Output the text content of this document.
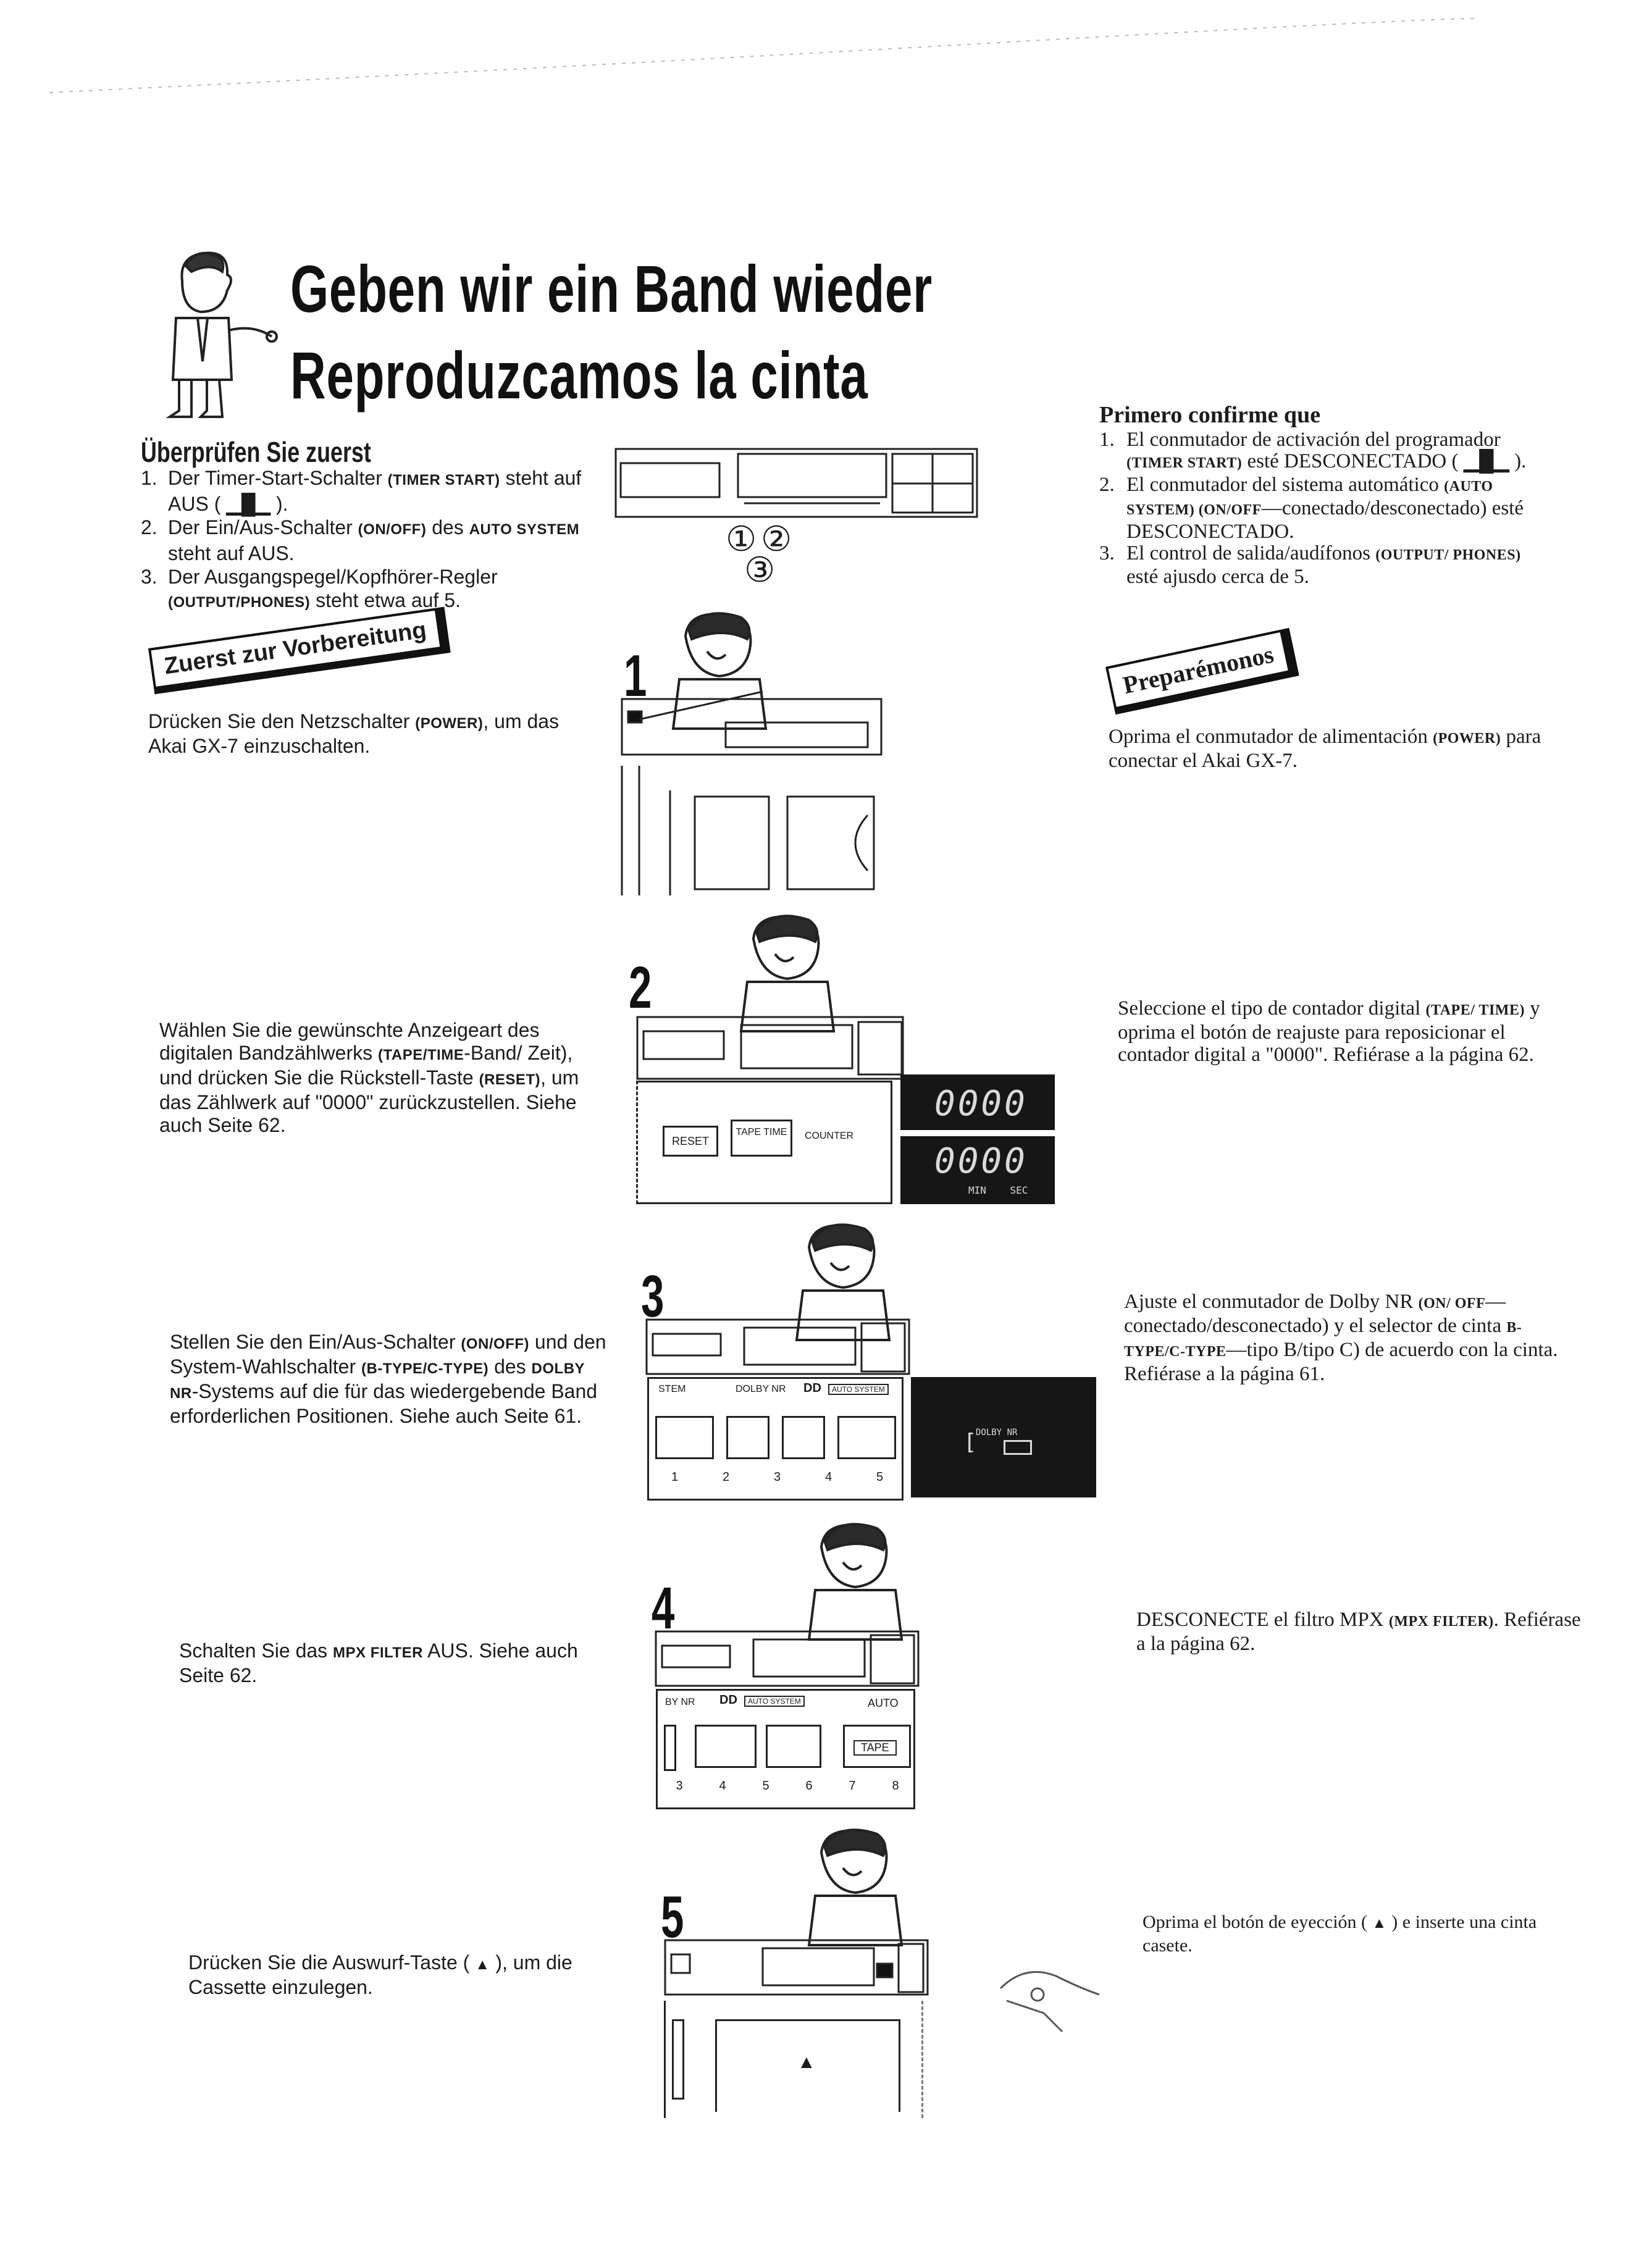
Geben wir ein Band wieder
Reproduzcamos la cinta
Überprüfen Sie zuerst
1. Der Timer-Start-Schalter (TIMER START) steht auf AUS ( ▁█▁ ).
2. Der Ein/Aus-Schalter (ON/OFF) des AUTO SYSTEM steht auf AUS.
3. Der Ausgangspegel/Kopfhörer-Regler (OUTPUT/PHONES) steht etwa auf 5.
Primero confirme que
1. El conmutador de activación del programador (TIMER START) esté DESCONECTADO ( ▁█▁ ).
2. El conmutador del sistema automático (AUTO SYSTEM) (ON/OFF—conectado/desconectado) esté DESCONECTADO.
3. El control de salida/audífonos (OUTPUT/ PHONES) esté ajusdo cerca de 5.
① ②
③
Zuerst zur Vorbereitung	Preparémonos
1

Drücken Sie den Netzschalter (POWER), um das Akai GX-7 einzuschalten.	Oprima el conmutador de alimentación (POWER) para conectar el Akai GX-7.

2
RESET
TAPE TIME	COUNTER
0000
0000
MIN    SEC

Wählen Sie die gewünschte Anzeigeart des digitalen Bandzählwerks (TAPE/TIME-Band/ Zeit), und drücken Sie die Rückstell-Taste (RESET), um das Zählwerk auf "0000" zurückzustellen. Siehe auch Seite 62.

Seleccione el tipo de contador digital (TAPE/ TIME) y oprima el botón de reajuste para reposicionar el contador digital a "0000". Refiérase a la página 62.

3
STEM	DOLBY NR DD	AUTO SYSTEM
1	2	3	4	5
[
DOLBY NR

Stellen Sie den Ein/Aus-Schalter (ON/OFF) und den System-Wahlschalter (B-TYPE/C-TYPE) des DOLBY NR-Systems auf die für das wiedergebende Band erforderlichen Positionen. Siehe auch Seite 61.

Ajuste el conmutador de Dolby NR (ON/ OFF—conectado/desconectado) y el selector de cinta B-TYPE/C-TYPE—tipo B/tipo C) de acuerdo con la cinta. Refiérase a la página 61.

4
BY NR DD	AUTO SYSTEM	AUTO
TAPE
3	4	5	6	7	8

Schalten Sie das MPX FILTER AUS. Siehe auch Seite 62.

DESCONECTE el filtro MPX (MPX FILTER). Refiérase a la página 62.

5
▲

Drücken Sie die Auswurf-Taste ( ▲ ), um die Cassette einzulegen.

Oprima el botón de eyección ( ▲ ) e inserte una cinta casete.
